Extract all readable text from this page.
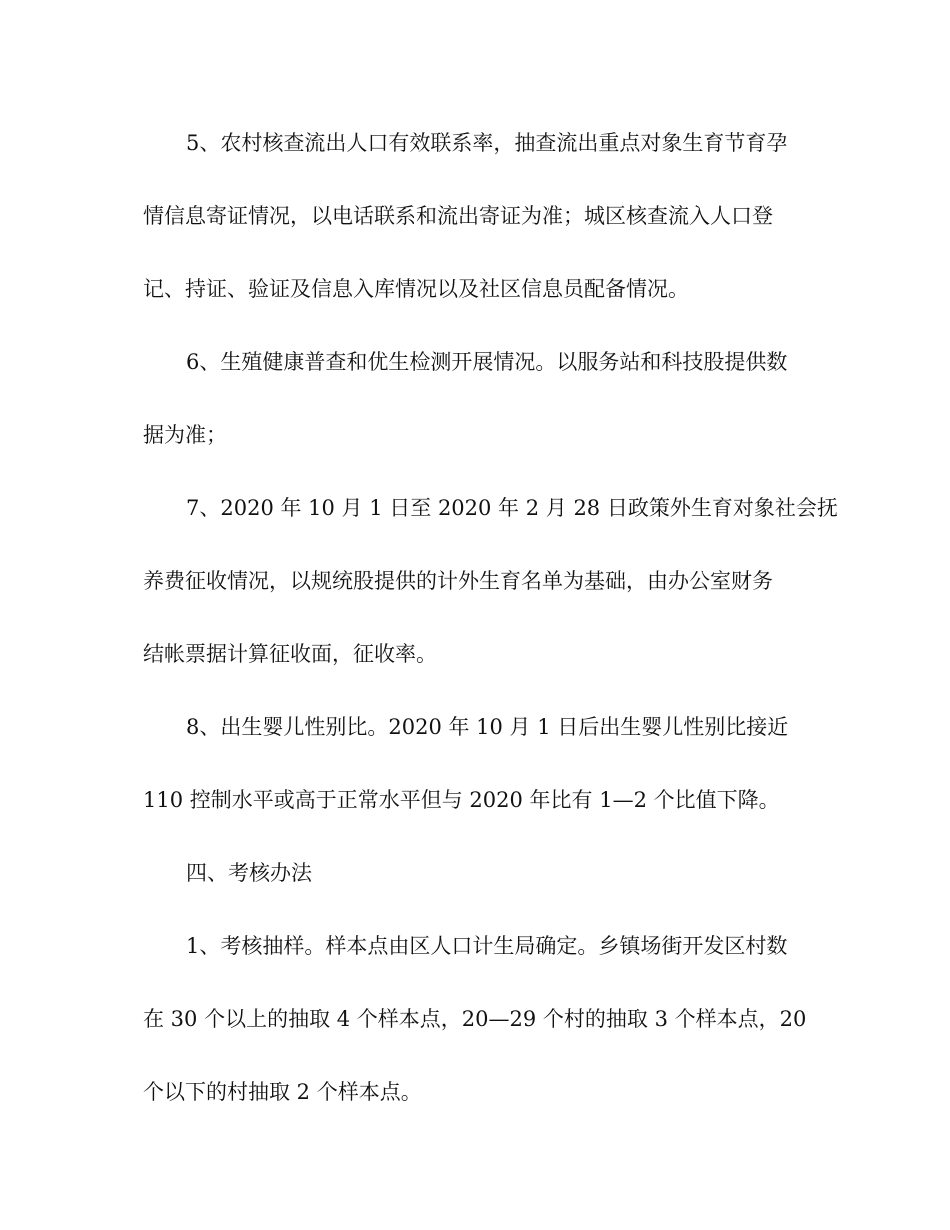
5、农村核查流出人口有效联系率，抽查流出重点对象生育节育孕
情信息寄证情况，以电话联系和流出寄证为准；城区核查流入人口登
记、持证、验证及信息入库情况以及社区信息员配备情况。
6、生殖健康普查和优生检测开展情况。以服务站和科技股提供数
据为准；
7、2020 年 10 月 1 日至 2020 年 2 月 28 日政策外生育对象社会抚
养费征收情况，以规统股提供的计外生育名单为基础，由办公室财务
结帐票据计算征收面，征收率。
8、出生婴儿性别比。2020 年 10 月 1 日后出生婴儿性别比接近
110 控制水平或高于正常水平但与 2020 年比有 1—2 个比值下降。
四、考核办法
1、考核抽样。样本点由区人口计生局确定。乡镇场街开发区村数
在 30 个以上的抽取 4 个样本点，20—29 个村的抽取 3 个样本点，20
个以下的村抽取 2 个样本点。
